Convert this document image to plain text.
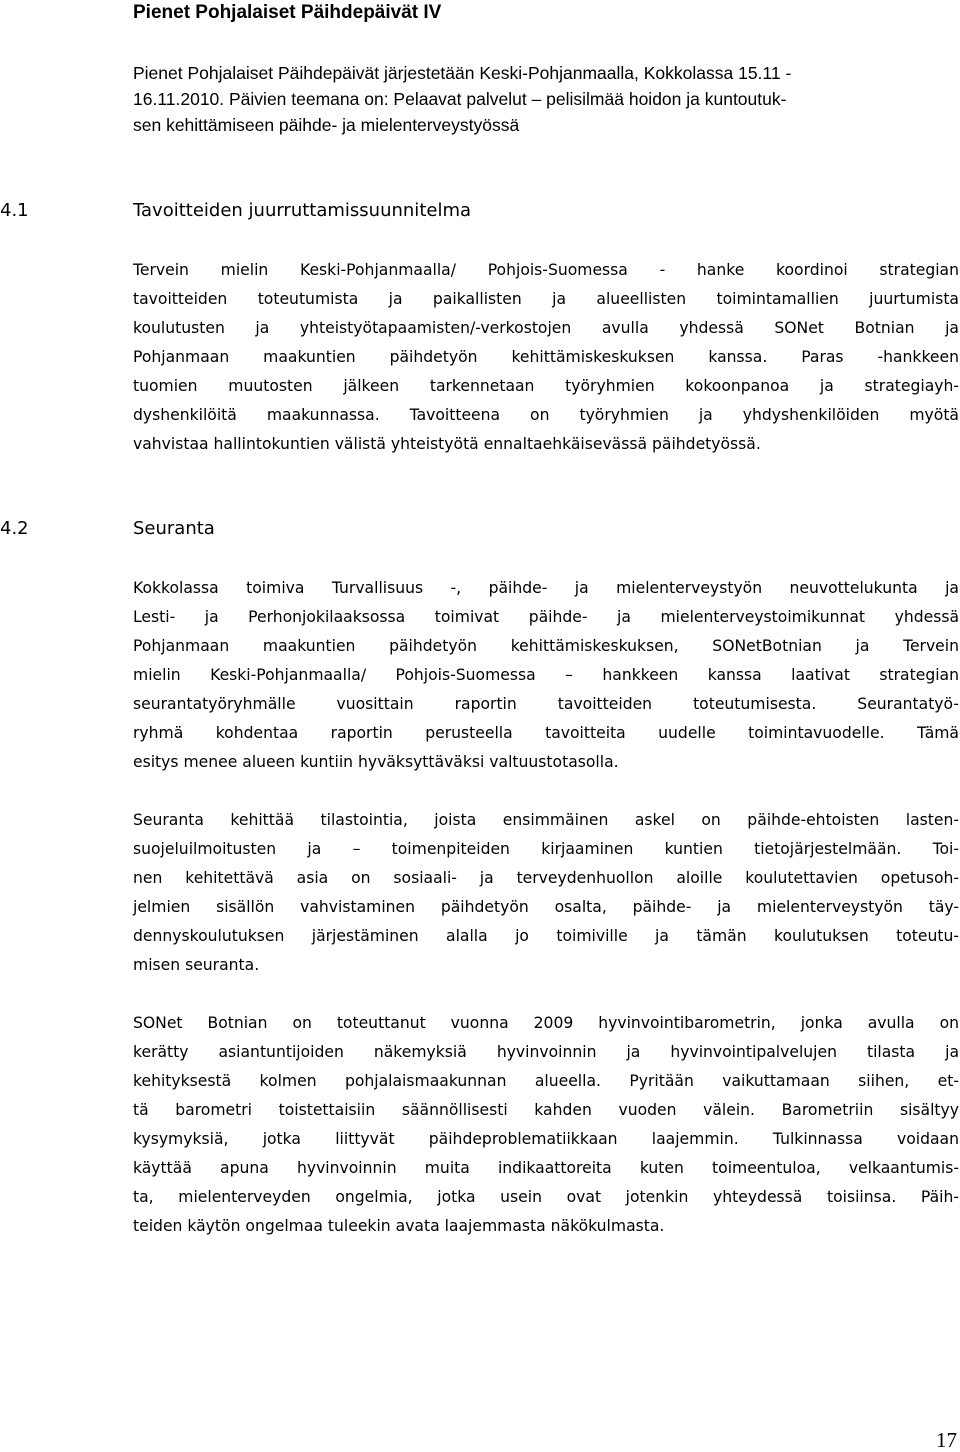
Pienet Pohjalaiset Päihdepäivät IV
Pienet Pohjalaiset Päihdepäivät järjestetään Keski-Pohjanmaalla, Kokkolassa 15.11 -
16.11.2010. Päivien teemana on: Pelaavat palvelut – pelisilmää hoidon ja kuntoutuk-
sen kehittämiseen päihde- ja mielenterveystyössä
4.1	Tavoitteiden juurruttamissuunnitelma
Tervein mielin Keski-Pohjanmaalla/ Pohjois-Suomessa - hanke koordinoi strategian
tavoitteiden toteutumista ja paikallisten ja alueellisten toimintamallien juurtumista
koulutusten ja yhteistyötapaamisten/-verkostojen avulla yhdessä SONet Botnian ja
Pohjanmaan maakuntien päihdetyön kehittämiskeskuksen kanssa. Paras -hankkeen
tuomien muutosten jälkeen tarkennetaan työryhmien kokoonpanoa ja strategiayh-
dyshenkilöitä maakunnassa. Tavoitteena on työryhmien ja yhdyshenkilöiden myötä
vahvistaa hallintokuntien välistä yhteistyötä ennaltaehkäisevässä päihdetyössä.
4.2	Seuranta
Kokkolassa toimiva Turvallisuus -, päihde- ja mielenterveystyön neuvottelukunta ja
Lesti- ja Perhonjokilaaksossa toimivat päihde- ja mielenterveystoimikunnat yhdessä
Pohjanmaan maakuntien päihdetyön kehittämiskeskuksen, SONetBotnian ja Tervein
mielin Keski-Pohjanmaalla/ Pohjois-Suomessa – hankkeen kanssa laativat strategian
seurantatyöryhmälle vuosittain raportin tavoitteiden toteutumisesta. Seurantatyö-
ryhmä kohdentaa raportin perusteella tavoitteita uudelle toimintavuodelle. Tämä
esitys menee alueen kuntiin hyväksyttäväksi valtuustotasolla.
Seuranta kehittää tilastointia, joista ensimmäinen askel on päihde-ehtoisten lasten-
suojeluilmoitusten ja – toimenpiteiden kirjaaminen kuntien tietojärjestelmään. Toi-
nen kehitettävä asia on sosiaali- ja terveydenhuollon aloille koulutettavien opetusoh-
jelmien sisällön vahvistaminen päihdetyön osalta, päihde- ja mielenterveystyön täy-
dennyskoulutuksen järjestäminen alalla jo toimiville ja tämän koulutuksen toteutu-
misen seuranta.
SONet Botnian on toteuttanut vuonna 2009 hyvinvointibarometrin, jonka avulla on
kerätty asiantuntijoiden näkemyksiä hyvinvoinnin ja hyvinvointipalvelujen tilasta ja
kehityksestä kolmen pohjalaismaakunnan alueella. Pyritään vaikuttamaan siihen, et-
tä barometri toistettaisiin säännöllisesti kahden vuoden välein. Barometriin sisältyy
kysymyksiä, jotka liittyvät päihdeproblematiikkaan laajemmin. Tulkinnassa voidaan
käyttää apuna hyvinvoinnin muita indikaattoreita kuten toimeentuloa, velkaantumis-
ta, mielenterveyden ongelmia, jotka usein ovat jotenkin yhteydessä toisiinsa. Päih-
teiden käytön ongelmaa tuleekin avata laajemmasta näkökulmasta.
17
